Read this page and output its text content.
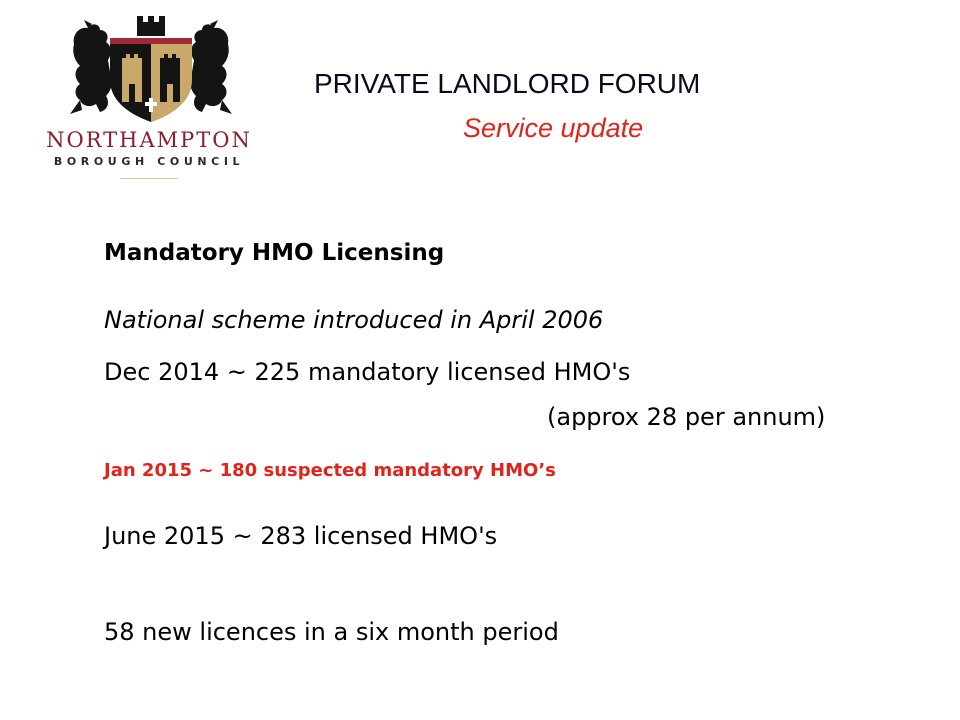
NORTHAMPTON
BOROUGH COUNCIL
PRIVATE LANDLORD FORUM
Service update
Mandatory HMO Licensing
National scheme introduced in April 2006
Dec 2014 ~ 225 mandatory licensed HMO's
(approx 28 per annum)
Jan 2015 ~ 180 suspected mandatory HMO’s
June 2015 ~ 283 licensed HMO's
58 new licences in a six month period
